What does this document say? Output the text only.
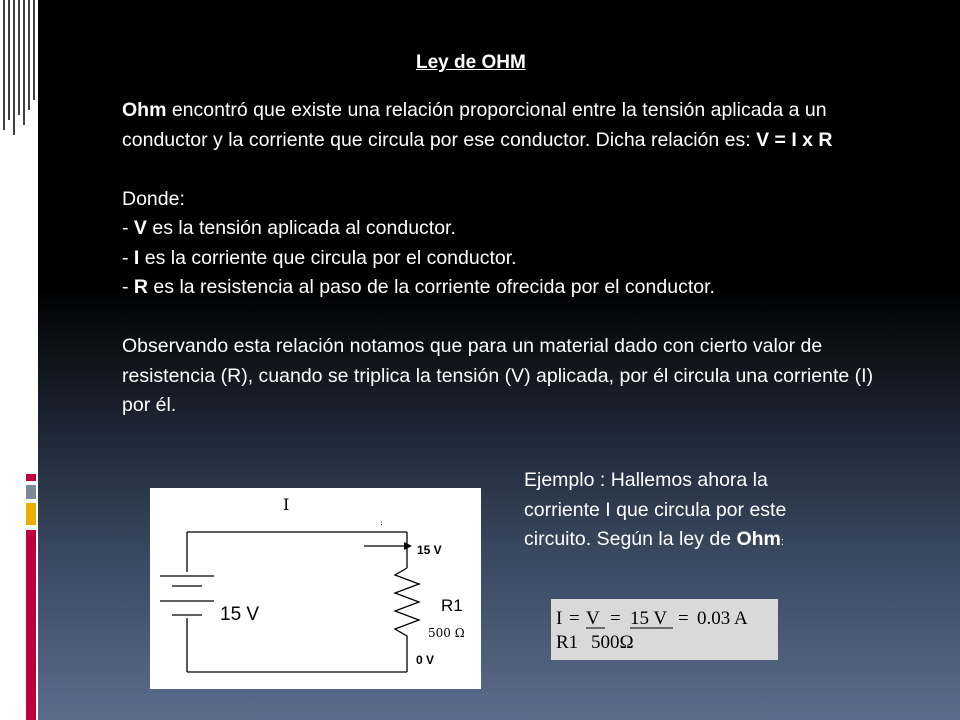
Ley de OHM

Ohm encontró que existe una relación proporcional entre la tensión aplicada a un conductor y la corriente que circula por ese conductor. Dicha relación es: V = I x R

Donde:

- V es la tensión aplicada al conductor.

- I es la corriente que circula por el conductor.

- R es la resistencia al paso de la corriente ofrecida por el conductor.

Observando esta relación notamos que para un material dado con cierto valor de resistencia (R), cuando se triplica la tensión (V) aplicada, por él circula una corriente (I) por él.

Ejemplo : Hallemos ahora la corriente I que circula por este circuito. Según la ley de Ohm:
:
I
15 V
15 V	R1
500 Ω
0 V
I = V
R1
= 15 V
500Ω
= 0.03 A
